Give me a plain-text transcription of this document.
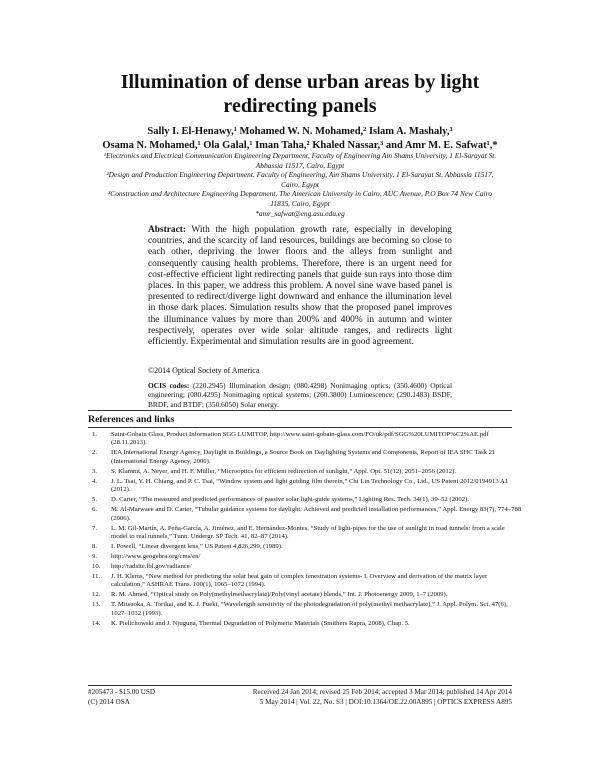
Illumination of dense urban areas by light redirecting panels
Sally I. El-Henawy,¹ Mohamed W. N. Mohamed,² Islam A. Mashaly,³
Osama N. Mohamed,¹ Ola Galal,¹ Iman Taha,² Khaled Nassar,³ and Amr M. E. Safwat¹,*

¹Electronics and Electrical Communication Engineering Department, Faculty of Engineering Ain Shams University, 1 El-Sarayat St. Abbassia 11517, Cairo, Egypt

²Design and Production Engineering Department, Faculty of Engineering, Ain Shams University, 1 El-Sarayat St. Abbassia 11517, Cairo, Egypt

³Construction and Architecture Engineering Department, The American University in Cairo, AUC Avenue, P.O Box 74 New Cairo 11835, Cairo, Egypt

*amr_safwat@eng.asu.edu.eg

Abstract: With the high population growth rate, especially in developing countries, and the scarcity of land resources, buildings are becoming so close to each other, depriving the lower floors and the alleys from sunlight and consequently causing health problems. Therefore, there is an urgent need for cost-effective efficient light redirecting panels that guide sun rays into those dim places. In this paper, we address this problem. A novel sine wave based panel is presented to redirect/diverge light downward and enhance the illumination level in those dark places. Simulation results show that the proposed panel improves the illuminance values by more than 200% and 400% in autumn and winter respectively, operates over wide solar altitude ranges, and redirects light efficiently. Experimental and simulation results are in good agreement.

©2014 Optical Society of America

OCIS codes: (220.2945) Illumination design; (080.4298) Nonimaging optics; (350.4600) Optical engineering; (080.4295) Nonimaging optical systems; (260.3800) Luminescence; (290.1483) BSDF, BRDF, and BTDF; (350.6050) Solar energy.

References and links
1. Saint-Gobain Glass, Product Information SGG LUMITOP, http://www.saint-gobain-glass.com/FO/uk/pdf/SGG%20LUMITOP%C2%AE.pdf (28.11.2013).
2. IEA International Energy Agency, Daylight in Buildings, a Source Book on Daylighting Systems and Components, Report of IEA SHC Task 21 (International Energy Agency, 2000).
3. S. Klammt, A. Neyer, and H. F. Müller, “Microoptics for efficient redirection of sunlight,” Appl. Opt. 51(12), 2051–2056 (2012).
4. J. L. Tsai, Y. H. Chiang, and P. C. Tsai, “Window system and light guiding film therein,” Chi Lin Technology Co., Ltd., US Patent 2012/0194913 A1 (2012).
5. D. Carter, “The measured and predicted performances of passive solar light-guide systems,” Lighting Res. Tech. 34(1), 39–52 (2002).
6. M. Al-Marwaee and D. Carter, “Tubular guidance systems for daylight: Achieved and predicted installation performances,” Appl. Energy 83(7), 774–788 (2006).
7. L. M. Gil-Martín, A. Peña-García, A. Jiménez, and E. Hernández-Montes, “Study of light-pipes for the use of sunlight in road tunnels: from a scale model to real tunnels,” Tunn. Undergr. SP Tech. 41, 82–87 (2014).
8. I. Powell, “Linear divergent lens,” US Patent 4,826,299, (1989).
9. http://www.geogebra.org/cms/en/
10. http://radsite.lbl.gov/radiance/
11. J. H. Klems, “New method for predicting the solar heat gain of complex fenestration systems- I. Overview and derivation of the matrix layer calculation,” ASHRAE Trans. 100(1), 1065–1072 (1994).
12. R. M. Ahmed, “Optical study on Poly(methylmethacrylate)/Poly(vinyl acetate) blends,” Int. J. Photoenergy 2009, 1–7 (2009).
13. T. Mitsuoka, A. Torikai, and K. J. Fueki, “Wavelength sensitivity of the photodegradation of poly(methyl methacrylate),” J. Appl. Polym. Sci. 47(6), 1027–1032 (1993).
14. K. Pielichowski and J. Njuguna, Thermal Degradation of Polymeric Materials (Smithers Rapra, 2008), Chap. 5.
#205473 - $15.00 USD	Received 24 Jan 2014; revised 25 Feb 2014; accepted 3 Mar 2014; published 14 Apr 2014
(C) 2014 OSA	5 May 2014 | Vol. 22, No. S3 | DOI:10.1364/OE.22.00A895 | OPTICS EXPRESS A895
